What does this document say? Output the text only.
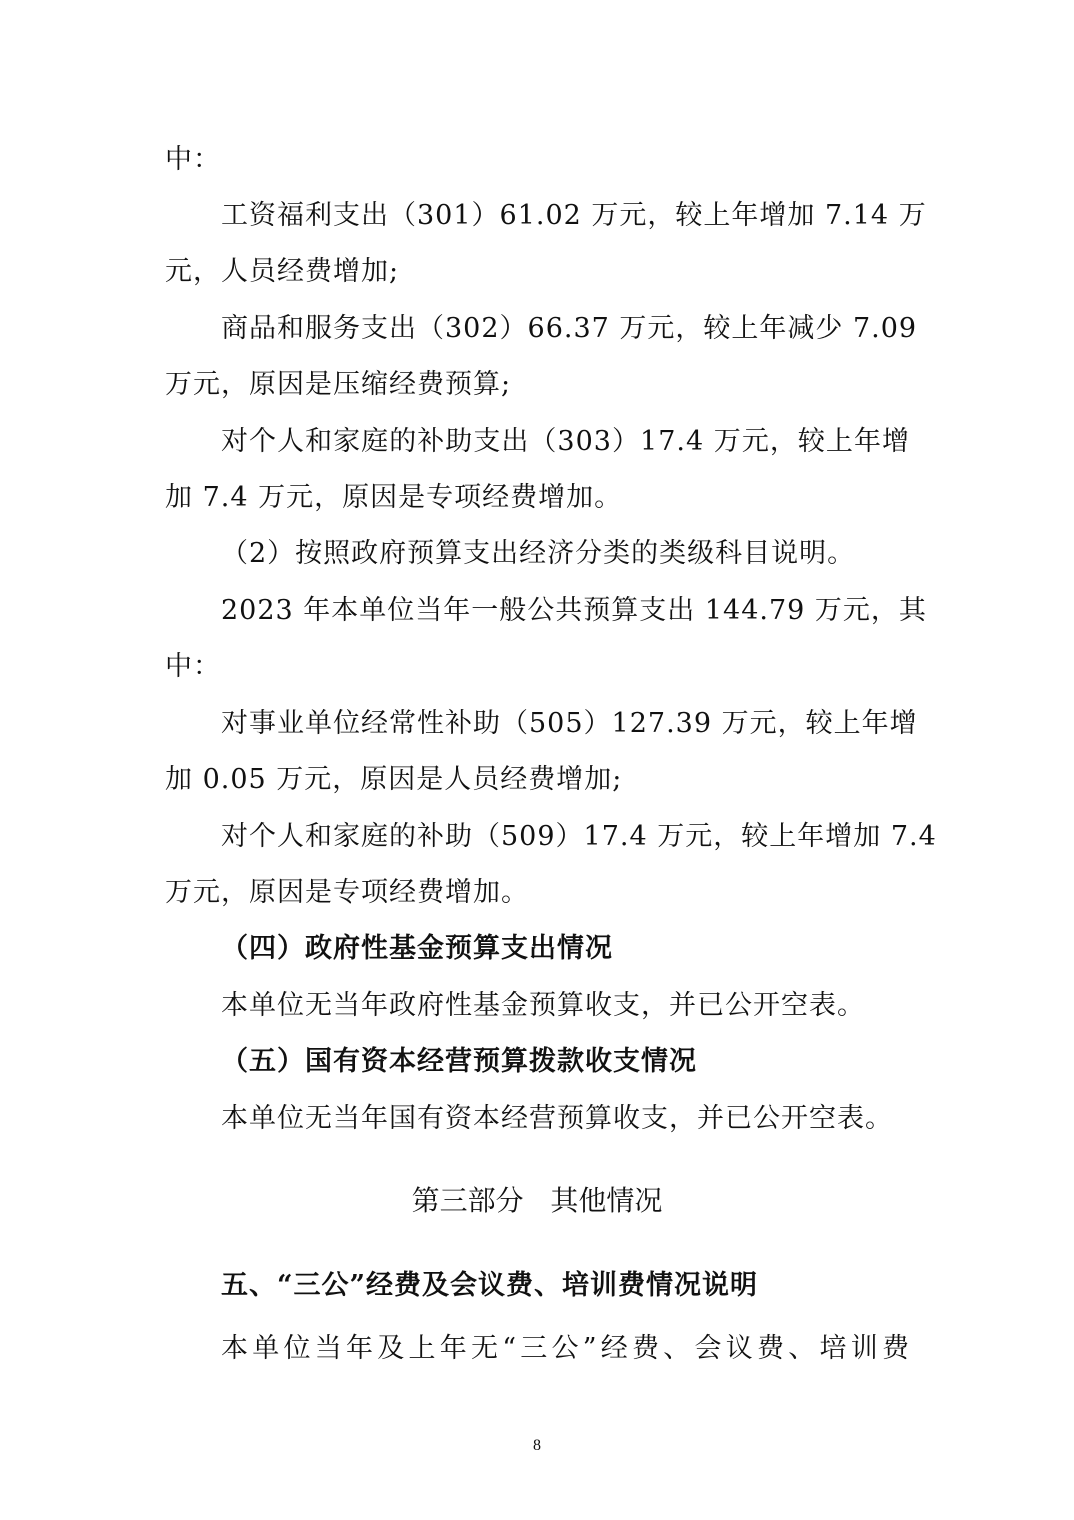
中：
工资福利支出（301）61.02 万元，较上年增加 7.14 万
元，人员经费增加;
商品和服务支出（302）66.37 万元，较上年减少 7.09
万元，原因是压缩经费预算;
对个人和家庭的补助支出（303）17.4 万元，较上年增
加 7.4 万元，原因是专项经费增加。
（2）按照政府预算支出经济分类的类级科目说明。
2023 年本单位当年一般公共预算支出 144.79 万元，其
中：
对事业单位经常性补助（505）127.39 万元，较上年增
加 0.05 万元，原因是人员经费增加;
对个人和家庭的补助（509）17.4 万元，较上年增加 7.4
万元，原因是专项经费增加。
（四）政府性基金预算支出情况
本单位无当年政府性基金预算收支，并已公开空表。
（五）国有资本经营预算拨款收支情况
本单位无当年国有资本经营预算收支，并已公开空表。
第三部分   其他情况
五、“三公”经费及会议费、培训费情况说明
本单位当年及上年无“三公”经费、会议费、培训费
8
